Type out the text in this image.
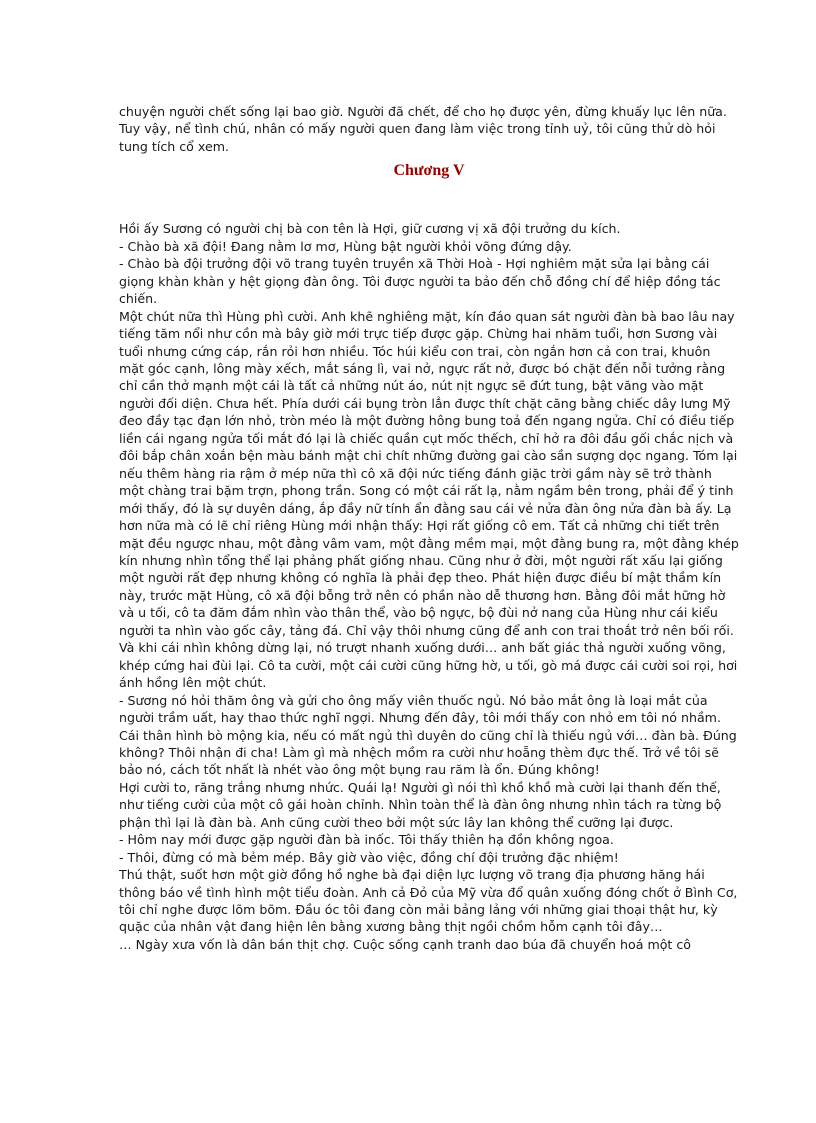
chuyện người chết sống lại bao giờ. Người đã chết, để cho họ được yên, đừng khuấy lục lên nữa. Tuy vậy, nể tình chú, nhân có mấy người quen đang làm việc trong tỉnh uỷ, tôi cũng thử dò hỏi tung tích cổ xem.

Chương V

Hồi ấy Sương có người chị bà con tên là Hợi, giữ cương vị xã đội trưởng du kích.

- Chào bà xã đội! Đang nằm lơ mơ, Hùng bật người khỏi võng đứng dậy.

- Chào bà đội trưởng đội võ trang tuyên truyền xã Thời Hoà - Hợi nghiêm mặt sửa lại bằng cái giọng khàn khàn y hệt giọng đàn ông. Tôi được người ta bảo đến chỗ đồng chí để hiệp đồng tác chiến.

Một chút nữa thì Hùng phì cười. Anh khẽ nghiêng mặt, kín đáo quan sát người đàn bà bao lâu nay tiếng tăm nổi như cồn mà bây giờ mới trực tiếp được gặp. Chừng hai nhăm tuổi, hơn Sương vài tuổi nhưng cứng cáp, rắn rỏi hơn nhiều. Tóc húi kiểu con trai, còn ngắn hơn cả con trai, khuôn mặt góc cạnh, lông mày xếch, mắt sáng lì, vai nở, ngực rất nở, được bó chặt đến nỗi tưởng rằng chỉ cần thở mạnh một cái là tất cả những nút áo, nút nịt ngực sẽ đứt tung, bật văng vào mặt người đối diện. Chưa hết. Phía dưới cái bụng tròn lẳn được thít chặt căng bằng chiếc dây lưng Mỹ đeo đầy tạc đạn lớn nhỏ, tròn méo là một đường hông bung toả đến ngang ngửa. Chỉ có điều tiếp liền cái ngang ngửa tối mắt đó lại là chiếc quần cụt mốc thếch, chỉ hở ra đôi đầu gối chắc nịch và đôi bắp chân xoắn bện màu bánh mật chi chít những đường gai cào sần sượng dọc ngang. Tóm lại nếu thêm hàng ria rậm ở mép nữa thì cô xã đội nức tiếng đánh giặc trời gầm này sẽ trở thành một chàng trai bặm trợn, phong trần. Song có một cái rất lạ, nằm ngầm bên trong, phải để ý tinh mới thấy, đó là sự duyên dáng, ắp đầy nữ tính ẩn đằng sau cái vẻ nửa đàn ông nửa đàn bà ấy. Lạ hơn nữa mà có lẽ chỉ riêng Hùng mới nhận thấy: Hợi rất giống cô em. Tất cả những chi tiết trên mặt đều ngược nhau, một đằng vâm vam, một đằng mềm mại, một đằng bung ra, một đằng khép kín nhưng nhìn tổng thể lại phảng phất giống nhau. Cũng như ở đời, một người rất xấu lại giống một người rất đẹp nhưng không có nghĩa là phải đẹp theo. Phát hiện được điều bí mật thầm kín này, trước mặt Hùng, cô xã đội bỗng trở nên có phần nào dễ thương hơn. Bằng đôi mắt hững hờ và u tối, cô ta đăm đắm nhìn vào thân thể, vào bộ ngực, bộ đùi nở nang của Hùng như cái kiểu người ta nhìn vào gốc cây, tảng đá. Chỉ vậy thôi nhưng cũng để anh con trai thoắt trở nên bối rối. Và khi cái nhìn không dừng lại, nó trượt nhanh xuống dưới… anh bất giác thả người xuống võng, khép cứng hai đùi lại. Cô ta cười, một cái cười cũng hững hờ, u tối, gò má được cái cười soi rọi, hơi ánh hồng lên một chút.

- Sương nó hỏi thăm ông và gửi cho ông mấy viên thuốc ngủ. Nó bảo mắt ông là loại mắt của người trầm uất, hay thao thức nghĩ ngợi. Nhưng đến đây, tôi mới thấy con nhỏ em tôi nó nhầm. Cái thân hình bò mộng kia, nếu có mất ngủ thì duyên do cũng chỉ là thiếu ngủ với… đàn bà. Đúng không? Thôi nhận đi cha! Làm gì mà nhệch mồm ra cười như hoẵng thèm đực thế. Trở về tôi sẽ bảo nó, cách tốt nhất là nhét vào ông một bụng rau răm là ổn. Đúng không!

Hợi cười to, răng trắng nhưng nhức. Quái lạ! Người gì nói thì khồ khồ mà cười lại thanh đến thế, như tiếng cười của một cô gái hoàn chỉnh. Nhìn toàn thể là đàn ông nhưng nhìn tách ra từng bộ phận thì lại là đàn bà. Anh cũng cười theo bởi một sức lây lan không thể cưỡng lại được.

- Hôm nay mới được gặp người đàn bà inốc. Tôi thấy thiên hạ đồn không ngoa.

- Thôi, đừng có mà bẻm mép. Bây giờ vào việc, đồng chí đội trưởng đặc nhiệm!

Thú thật, suốt hơn một giờ đồng hồ nghe bà đại diện lực lượng võ trang địa phương hăng hái thông báo về tình hình một tiểu đoàn. Anh cả Đỏ của Mỹ vừa đổ quân xuống đóng chốt ở Bình Cơ, tôi chỉ nghe được lõm bõm. Đầu óc tôi đang còn mải bảng lảng với những giai thoại thật hư, kỳ quặc của nhân vật đang hiện lên bằng xương bằng thịt ngồi chồm hỗm cạnh tôi đây…

… Ngày xưa vốn là dân bán thịt chợ. Cuộc sống cạnh tranh dao búa đã chuyển hoá một cô
